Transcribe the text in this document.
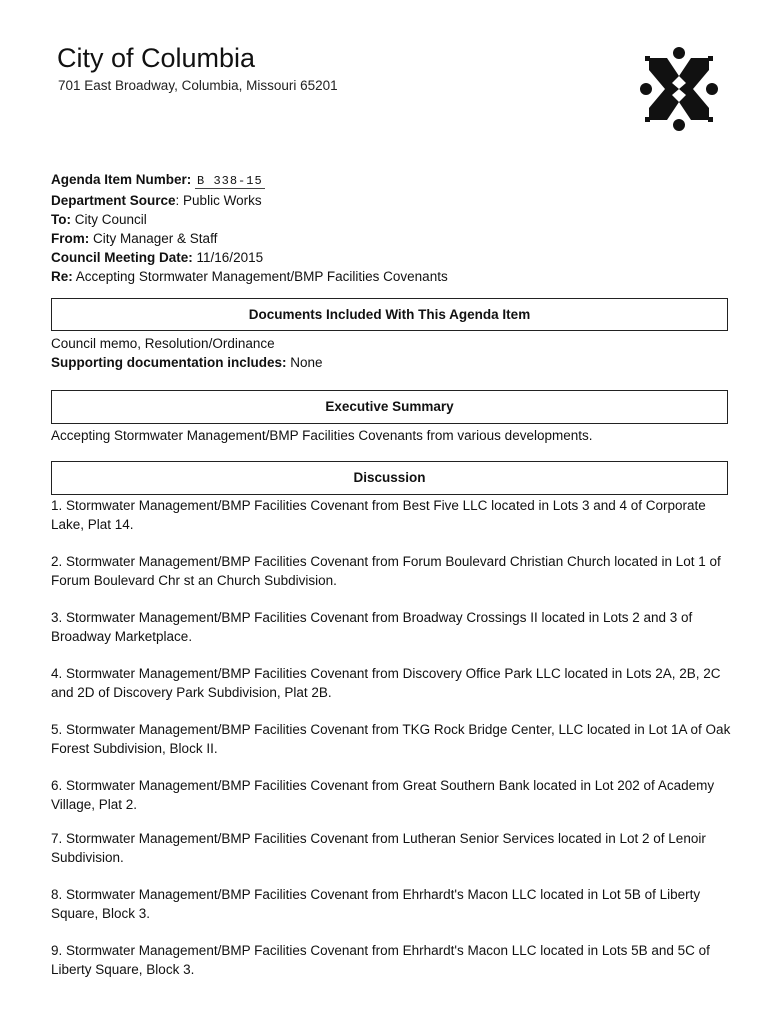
City of Columbia
701 East Broadway, Columbia, Missouri 65201
Agenda Item Number: B 338-15
Department Source: Public Works
To: City Council
From: City Manager & Staff
Council Meeting Date: 11/16/2015
Re: Accepting Stormwater Management/BMP Facilities Covenants
Documents Included With This Agenda Item
Council memo, Resolution/Ordinance
Supporting documentation includes: None
Executive Summary
Accepting Stormwater Management/BMP Facilities Covenants from various developments.
Discussion
1. Stormwater Management/BMP Facilities Covenant from Best Five LLC located in Lots 3 and 4 of Corporate Lake, Plat 14.
2. Stormwater Management/BMP Facilities Covenant from Forum Boulevard Christian Church located in Lot 1 of Forum Boulevard Chr st an Church Subdivision.
3. Stormwater Management/BMP Facilities Covenant from Broadway Crossings II located in Lots 2 and 3 of Broadway Marketplace.
4. Stormwater Management/BMP Facilities Covenant from Discovery Office Park LLC located in Lots 2A, 2B, 2C and 2D of Discovery Park Subdivision, Plat 2B.
5. Stormwater Management/BMP Facilities Covenant from TKG Rock Bridge Center, LLC located in Lot 1A of Oak Forest Subdivision, Block II.
6. Stormwater Management/BMP Facilities Covenant from Great Southern Bank located in Lot 202 of Academy Village, Plat 2.
7. Stormwater Management/BMP Facilities Covenant from Lutheran Senior Services located in Lot 2 of Lenoir Subdivision.
8. Stormwater Management/BMP Facilities Covenant from Ehrhardt's Macon LLC located in Lot 5B of Liberty Square, Block 3.
9. Stormwater Management/BMP Facilities Covenant from Ehrhardt's Macon LLC located in Lots 5B and 5C of Liberty Square, Block 3.
